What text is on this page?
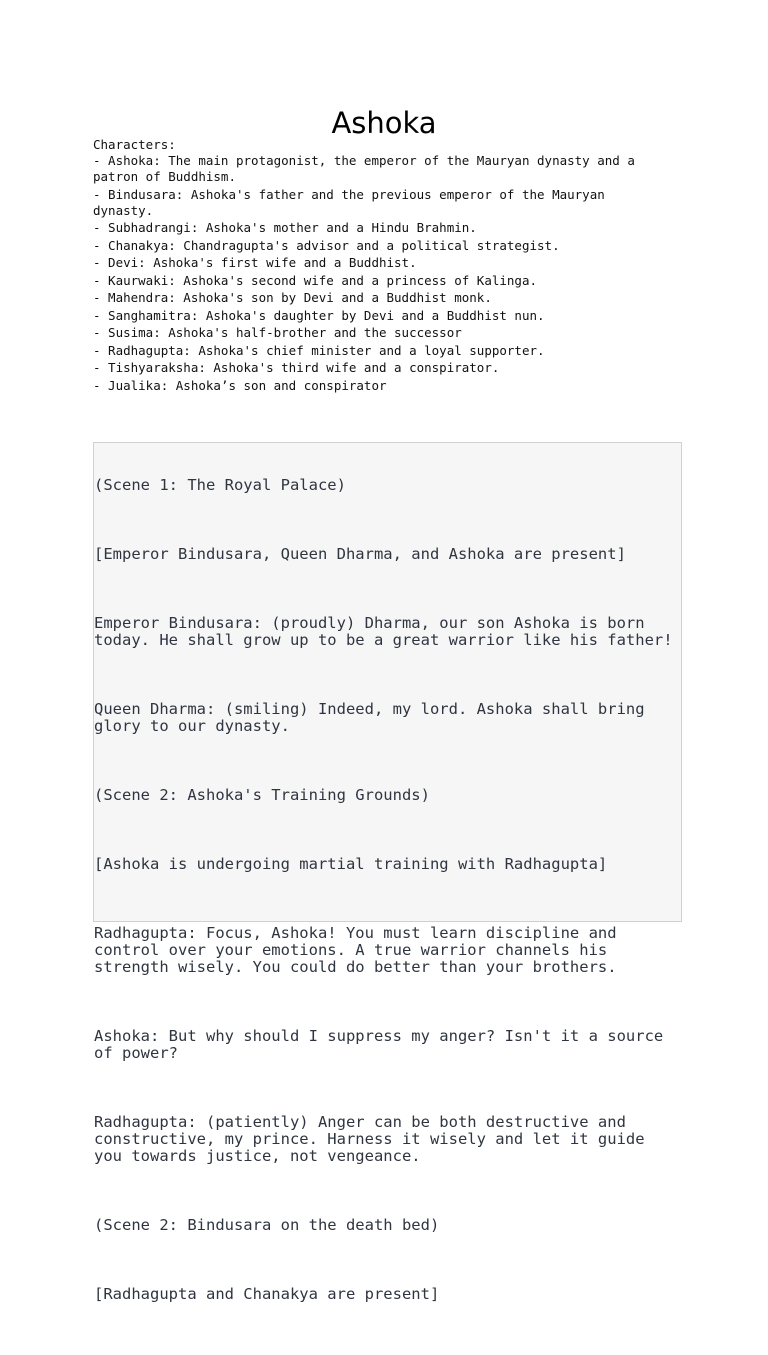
Ashoka
Characters:
- Ashoka: The main protagonist, the emperor of the Mauryan dynasty and a
patron of Buddhism.
- Bindusara: Ashoka's father and the previous emperor of the Mauryan
dynasty.
- Subhadrangi: Ashoka's mother and a Hindu Brahmin.
- Chanakya: Chandragupta's advisor and a political strategist.
- Devi: Ashoka's first wife and a Buddhist.
- Kaurwaki: Ashoka's second wife and a princess of Kalinga.
- Mahendra: Ashoka's son by Devi and a Buddhist monk.
- Sanghamitra: Ashoka's daughter by Devi and a Buddhist nun.
- Susima: Ashoka's half-brother and the successor
- Radhagupta: Ashoka's chief minister and a loyal supporter.
- Tishyaraksha: Ashoka's third wife and a conspirator.
- Jualika: Ashoka’s son and conspirator

(Scene 1: The Royal Palace)

[Emperor Bindusara, Queen Dharma, and Ashoka are present]

Emperor Bindusara: (proudly) Dharma, our son Ashoka is born
today. He shall grow up to be a great warrior like his father!

Queen Dharma: (smiling) Indeed, my lord. Ashoka shall bring
glory to our dynasty.

(Scene 2: Ashoka's Training Grounds)

[Ashoka is undergoing martial training with Radhagupta]

Radhagupta: Focus, Ashoka! You must learn discipline and
control over your emotions. A true warrior channels his
strength wisely. You could do better than your brothers.

Ashoka: But why should I suppress my anger? Isn't it a source
of power?

Radhagupta: (patiently) Anger can be both destructive and
constructive, my prince. Harness it wisely and let it guide
you towards justice, not vengeance.

(Scene 2: Bindusara on the death bed)

[Radhagupta and Chanakya are present]
